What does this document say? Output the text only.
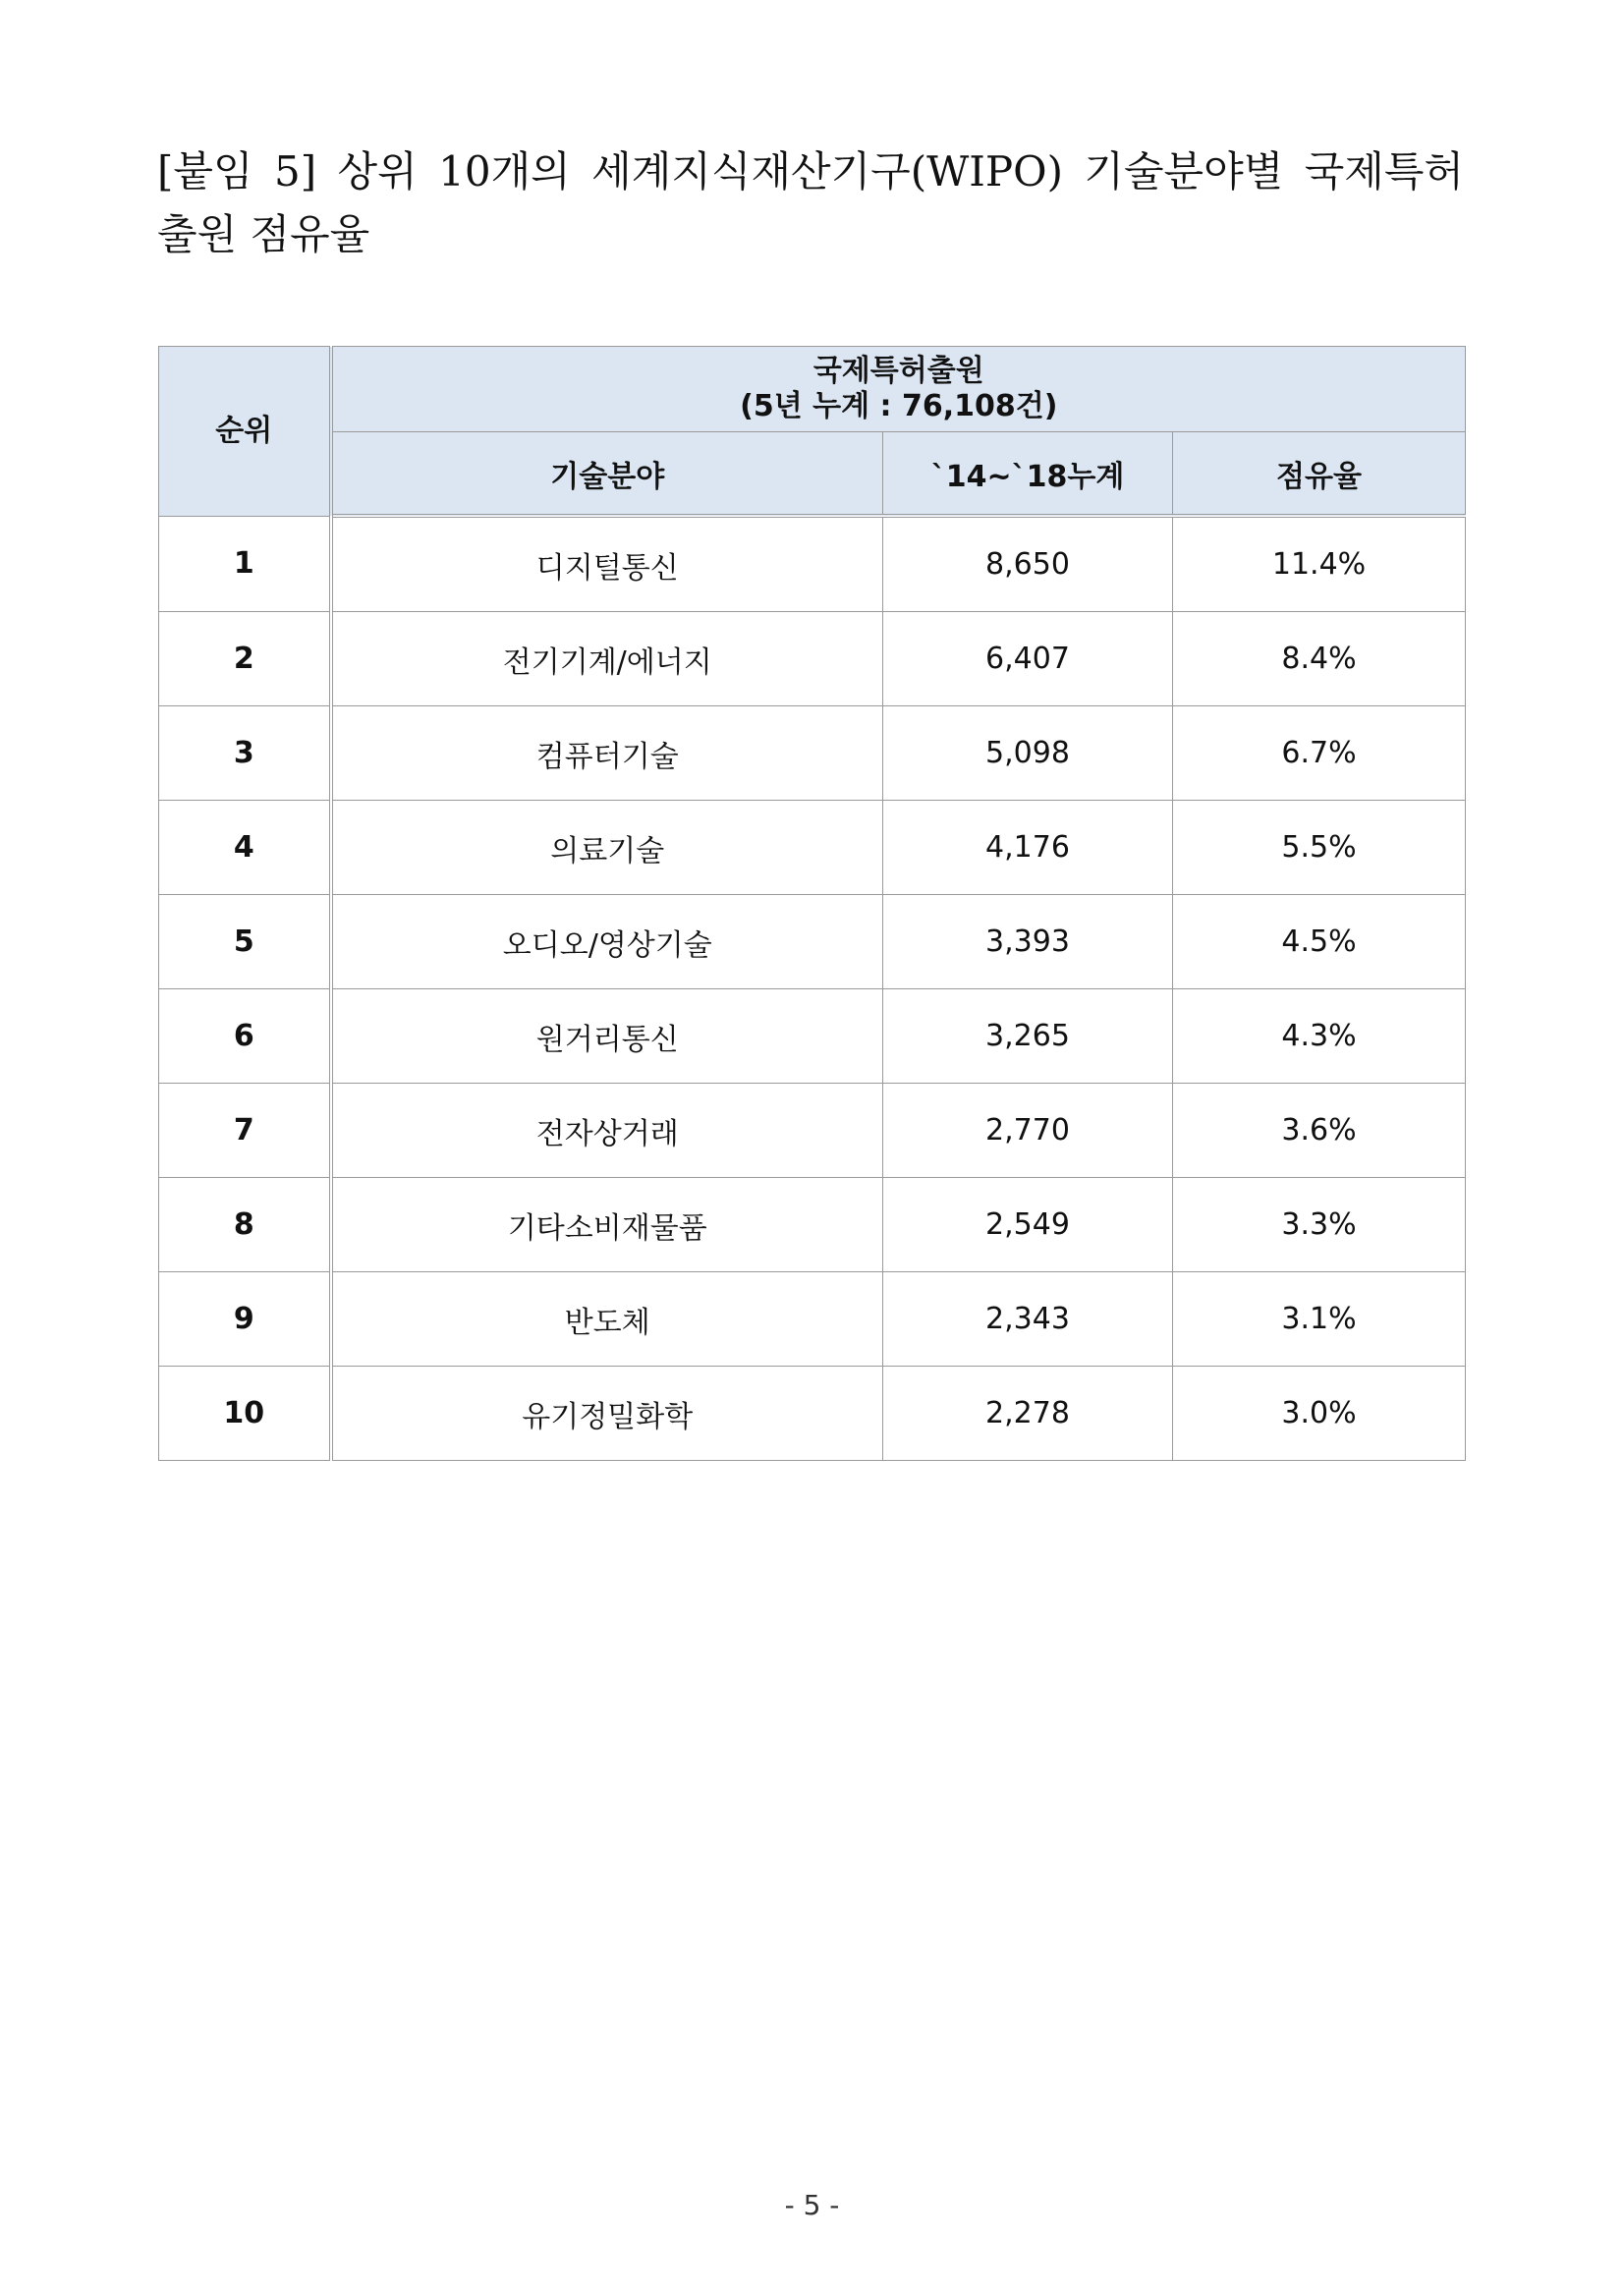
[붙임 5] 상위 10개의 세계지식재산기구(WIPO) 기술분야별 국제특허 출원 점유율
순위	국제특허출원
(5년 누계 : 76,108건)		

	기술분야	`14~`18누계	점유율
1	디지털통신	8,650	11.4%
2	전기기계/에너지	6,407	8.4%
3	컴퓨터기술	5,098	6.7%
4	의료기술	4,176	5.5%
5	오디오/영상기술	3,393	4.5%
6	원거리통신	3,265	4.3%
7	전자상거래	2,770	3.6%
8	기타소비재물품	2,549	3.3%
9	반도체	2,343	3.1%
10	유기정밀화학	2,278	3.0%
- 5 -
